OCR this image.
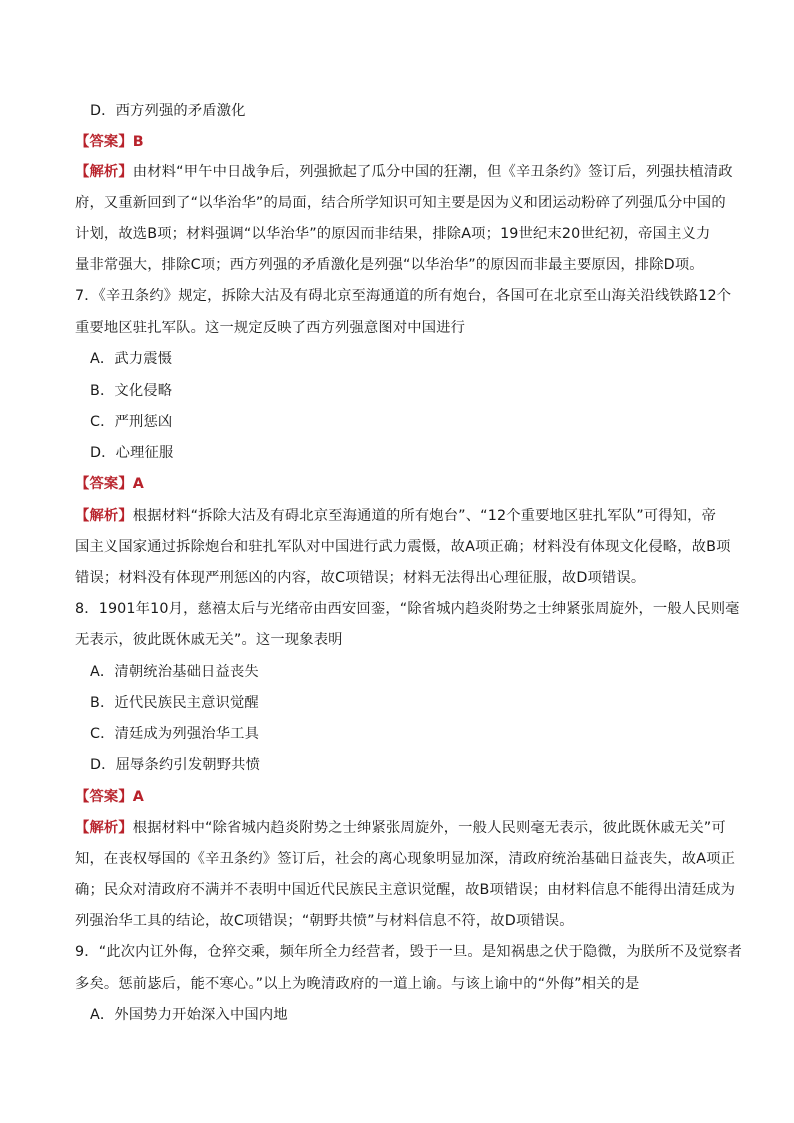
D．西方列强的矛盾激化
【答案】B
【解析】由材料“甲午中日战争后，列强掀起了瓜分中国的狂潮，但《辛丑条约》签订后，列强扶植清政
府，又重新回到了“以华治华”的局面，结合所学知识可知主要是因为义和团运动粉碎了列强瓜分中国的
计划，故选B项；材料强调“以华治华”的原因而非结果，排除A项；19世纪末20世纪初，帝国主义力
量非常强大，排除C项；西方列强的矛盾激化是列强“以华治华”的原因而非最主要原因，排除D项。
7．《辛丑条约》规定，拆除大沽及有碍北京至海通道的所有炮台，各国可在北京至山海关沿线铁路12个
重要地区驻扎军队。这一规定反映了西方列强意图对中国进行
A．武力震慑
B．文化侵略
C．严刑惩凶
D．心理征服
【答案】A
【解析】根据材料“拆除大沽及有碍北京至海通道的所有炮台”、“12个重要地区驻扎军队”可得知，帝
国主义国家通过拆除炮台和驻扎军队对中国进行武力震慑，故A项正确；材料没有体现文化侵略，故B项
错误；材料没有体现严刑惩凶的内容，故C项错误；材料无法得出心理征服，故D项错误。
8．1901年10月，慈禧太后与光绪帝由西安回銮，“除省城内趋炎附势之士绅紧张周旋外，一般人民则毫
无表示，彼此既休戚无关”。这一现象表明
A．清朝统治基础日益丧失
B．近代民族民主意识觉醒
C．清廷成为列强治华工具
D．屈辱条约引发朝野共愤
【答案】A
【解析】根据材料中“除省城内趋炎附势之士绅紧张周旋外，一般人民则毫无表示，彼此既休戚无关”可
知，在丧权辱国的《辛丑条约》签订后，社会的离心现象明显加深，清政府统治基础日益丧失，故A项正
确；民众对清政府不满并不表明中国近代民族民主意识觉醒，故B项错误；由材料信息不能得出清廷成为
列强治华工具的结论，故C项错误；“朝野共愤”与材料信息不符，故D项错误。
9．“此次内讧外侮，仓猝交乘，频年所全力经营者，毁于一旦。是知祸患之伏于隐微，为朕所不及觉察者
多矣。惩前毖后，能不寒心。”以上为晚清政府的一道上谕。与该上谕中的“外侮”相关的是
A．外国势力开始深入中国内地
